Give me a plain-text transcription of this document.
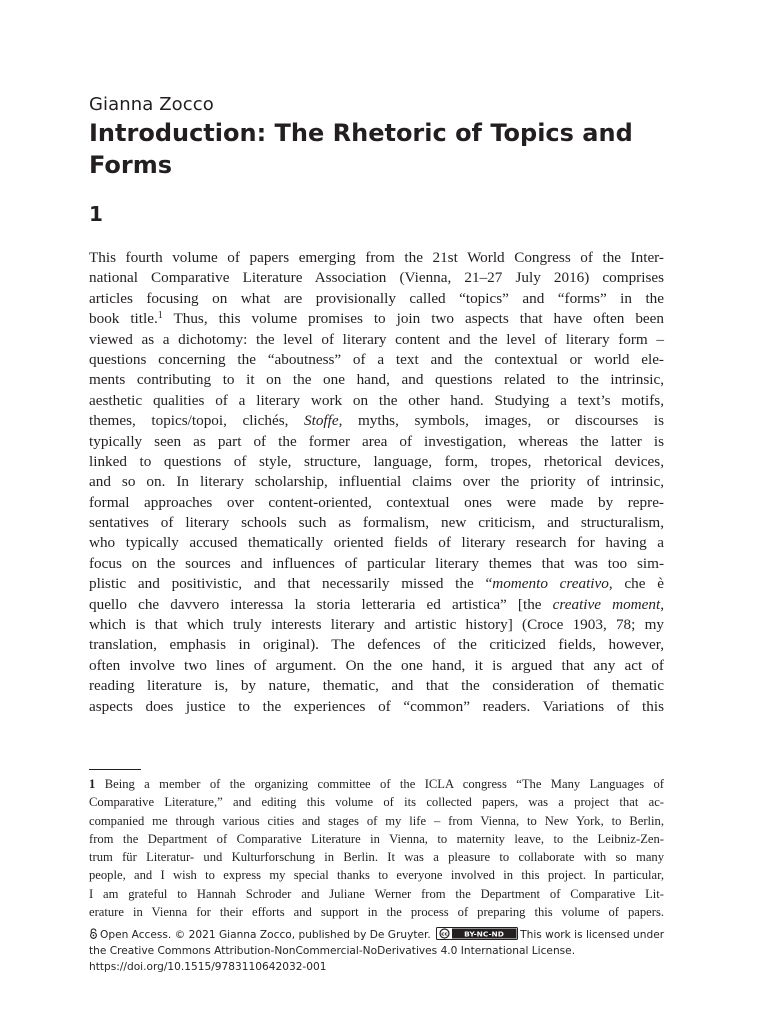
Gianna Zocco
Introduction: The Rhetoric of Topics and Forms
1
This fourth volume of papers emerging from the 21st World Congress of the Inter-
national Comparative Literature Association (Vienna, 21–27 July 2016) comprises
articles focusing on what are provisionally called “topics” and “forms” in the
book title.$^1$ Thus, this volume promises to join two aspects that have often been
viewed as a dichotomy: the level of literary content and the level of literary form –
questions concerning the “aboutness” of a text and the contextual or world ele-
ments contributing to it on the one hand, and questions related to the intrinsic,
aesthetic qualities of a literary work on the other hand. Studying a text’s motifs,
themes, topics/topoi, clichés, Stoffe, myths, symbols, images, or discourses is
typically seen as part of the former area of investigation, whereas the latter is
linked to questions of style, structure, language, form, tropes, rhetorical devices,
and so on. In literary scholarship, influential claims over the priority of intrinsic,
formal approaches over content-oriented, contextual ones were made by repre-
sentatives of literary schools such as formalism, new criticism, and structuralism,
who typically accused thematically oriented fields of literary research for having a
focus on the sources and influences of particular literary themes that was too sim-
plistic and positivistic, and that necessarily missed the “momento creativo, che è
quello che davvero interessa la storia letteraria ed artistica” [the creative moment,
which is that which truly interests literary and artistic history] (Croce 1903, 78; my
translation, emphasis in original). The defences of the criticized fields, however,
often involve two lines of argument. On the one hand, it is argued that any act of
reading literature is, by nature, thematic, and that the consideration of thematic
aspects does justice to the experiences of “common” readers. Variations of this
1 Being a member of the organizing committee of the ICLA congress “The Many Languages of
Comparative Literature,” and editing this volume of its collected papers, was a project that ac-
companied me through various cities and stages of my life – from Vienna, to New York, to Berlin,
from the Department of Comparative Literature in Vienna, to maternity leave, to the Leibniz-Zen-
trum für Literatur- und Kulturforschung in Berlin. It was a pleasure to collaborate with so many
people, and I wish to express my special thanks to everyone involved in this project. In particular,
I am grateful to Hannah Schroder and Juliane Werner from the Department of Comparative Lit-
erature in Vienna for their efforts and support in the process of preparing this volume of papers.
Open Access. © 2021 Gianna Zocco, published by De Gruyter. cc BY-NC-ND This work is licensed under
the Creative Commons Attribution-NonCommercial-NoDerivatives 4.0 International License.
https://doi.org/10.1515/9783110642032-001
